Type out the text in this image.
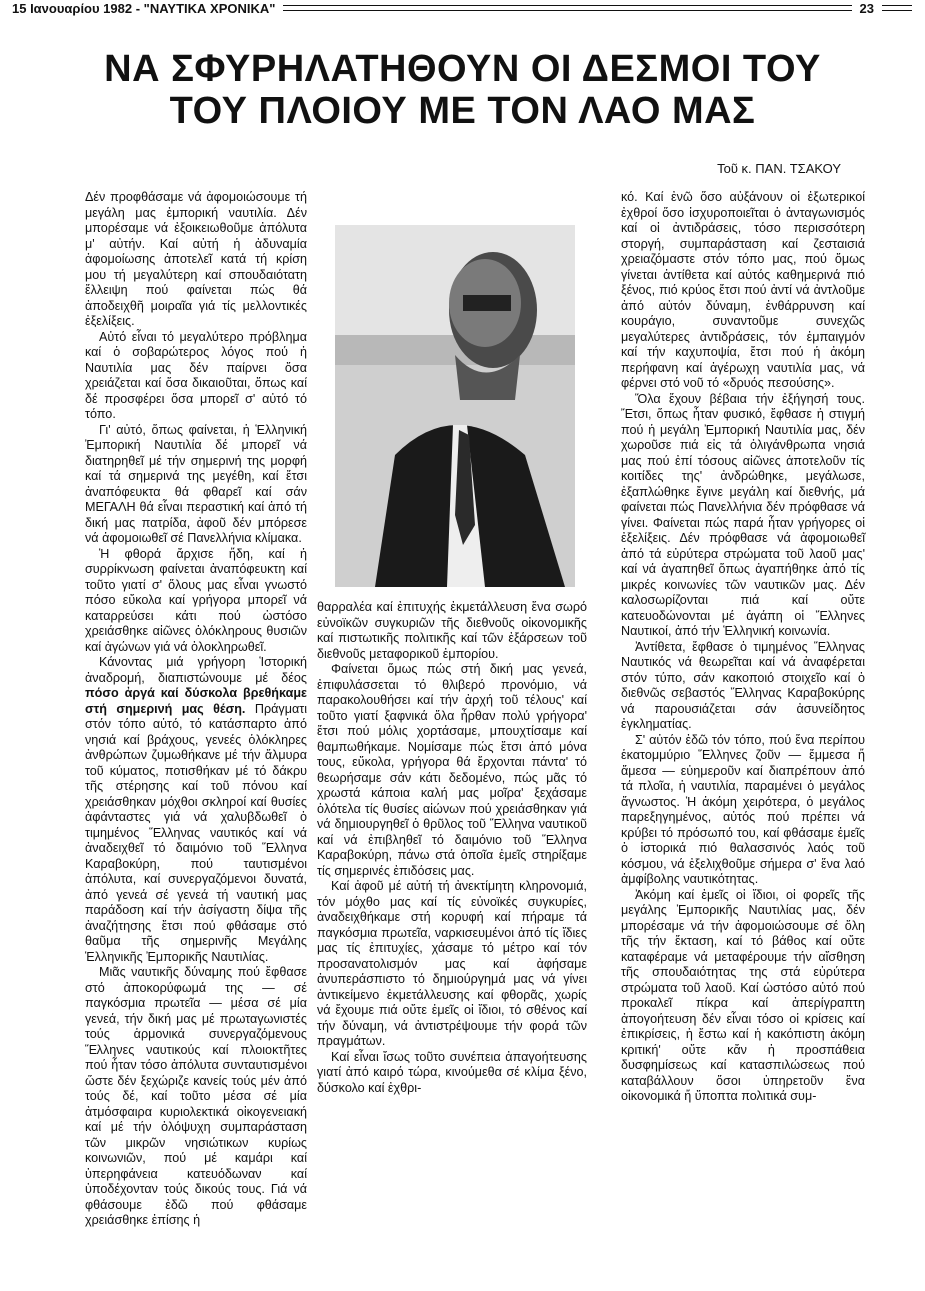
15 Ιανουαρίου 1982 - "ΝΑΥΤΙΚΑ ΧΡΟΝΙΚΑ"	23
ΝΑ ΣΦΥΡΗΛΑΤΗΘΟΥΝ ΟΙ ΔΕΣΜΟΙ ΤΟΥ
ΤΟΥ ΠΛΟΙΟΥ ΜΕ ΤΟΝ ΛΑΟ ΜΑΣ
Τοῦ κ. ΠΑΝ. ΤΣΑΚΟΥ

Δέν προφθάσαμε νά ἀφομοιώσουμε τή μεγάλη μας ἐμπορική ναυτιλία. Δέν μπορέσαμε νά ἐξοικειωθοῦμε ἀπόλυτα μ' αὐτήν. Καί αὐτή ἡ ἀδυναμία ἀφομοίωσης ἀποτελεῖ κατά τή κρίση μου τή μεγαλύτερη καί σπουδαιότατη ἔλλειψη πού φαίνεται πώς θά ἀποδειχθῆ μοιραῖα γιά τίς μελλοντικές ἐξελίξεις.

Αὐτό εἶναι τό μεγαλύτερο πρόβλημα καί ὁ σοβαρώτερος λόγος πού ἡ Ναυτιλία μας δέν παίρνει ὅσα χρειάζεται καί ὅσα δικαιοῦται, ὅπως καί δέ προσφέρει ὅσα μπορεῖ σ' αὐτό τό τόπο.

Γι' αὐτό, ὅπως φαίνεται, ἡ Ἑλληνική Ἐμπορική Ναυτιλία δέ μπορεῖ νά διατηρηθεῖ μέ τήν σημερινή της μορφή καί τά σημερινά της μεγέθη, καί ἔτσι ἀναπόφευκτα θά φθαρεῖ καί σάν ΜΕΓΑΛΗ θά εἶναι περαστική καί ἀπό τή δική μας πατρίδα, ἀφοῦ δέν μπόρεσε νά ἀφομοιωθεῖ σέ Πανελλήνια κλίμακα.

Ἡ φθορά ἄρχισε ἤδη, καί ἡ συρρίκνωση φαίνεται ἀναπόφευκτη καί τοῦτο γιατί σ' ὅλους μας εἶναι γνωστό πόσο εὔκολα καί γρήγορα μπορεῖ νά καταρρεύσει κάτι πού ὡστόσο χρειάσθηκε αἰῶνες ὁλόκληρους θυσιῶν καί ἀγώνων γιά νά ὁλοκληρωθεῖ.

Κάνοντας μιά γρήγορη Ἱστορική ἀναδρομή, διαπιστώνουμε μέ δέος πόσο ἀργά καί δύσκολα βρεθήκαμε στή σημερινή μας θέση. Πράγματι στόν τόπο αὐτό, τό κατάσπαρτο ἀπό νησιά καί βράχους, γενεές ὁλόκληρες ἀνθρώπων ζυμωθήκανε μέ τήν ἅλμυρα τοῦ κύματος, ποτισθήκαν μέ τό δάκρυ τῆς στέρησης καί τοῦ πόνου καί χρειάσθηκαν μόχθοι σκληροί καί θυσίες ἀφάνταστες γιά νά χαλυβδωθεῖ ὁ τιμημένος Ἕλληνας ναυτικός καί νά ἀναδειχθεῖ τό δαιμόνιο τοῦ Ἕλληνα Καραβοκύρη, πού ταυτισμένοι ἀπόλυτα, καί συνεργαζόμενοι δυνατά, ἀπό γενεά σέ γενεά τή ναυτική μας παράδοση καί τήν ἀσίγαστη δίψα τῆς ἀναζήτησης ἔτσι πού φθάσαμε στό θαῦμα τῆς σημερινῆς Μεγάλης Ἑλληνικῆς Ἐμπορικῆς Ναυτιλίας.

Μιᾶς ναυτικῆς δύναμης πού ἔφθασε στό ἀποκορύφωμά της — σέ παγκόσμια πρωτεῖα — μέσα σέ μία γενεά, τήν δική μας μέ πρωταγωνιστές τούς ἁρμονικά συνεργαζόμενους Ἕλληνες ναυτικούς καί πλοιοκτῆτες πού ἦταν τόσο ἀπόλυτα συνταυτισμένοι ὥστε δέν ξεχώριζε κανείς τούς μέν ἀπό τούς δέ, καί τοῦτο μέσα σέ μία ἀτμόσφαιρα κυριολεκτικά οἰκογενειακή καί μέ τήν ὁλόψυχη συμπαράσταση τῶν μικρῶν νησιώτικων κυρίως κοινωνιῶν, πού μέ καμάρι καί ὑπερηφάνεια κατευόδωναν καί ὑποδέχονταν τούς δικούς τους. Γιά νά φθάσουμε ἐδῶ πού φθάσαμε χρειάσθηκε ἐπίσης ἡ

θαρραλέα καί ἐπιτυχής ἐκμετάλλευση ἕνα σωρό εὐνοϊκῶν συγκυριῶν τῆς διεθνοῦς οἰκονομικῆς καί πιστωτικῆς πολιτικῆς καί τῶν ἐξάρσεων τοῦ διεθνοῦς μεταφορικοῦ ἐμπορίου.

Φαίνεται ὅμως πώς στή δική μας γενεά, ἐπιφυλάσσεται τό θλιβερό προνόμιο, νά παρακολουθήσει καί τήν ἀρχή τοῦ τέλους' καί τοῦτο γιατί ξαφνικά ὅλα ἦρθαν πολύ γρήγορα' ἔτσι πού μόλις χορτάσαμε, μπουχτίσαμε καί θαμπωθήκαμε. Νομίσαμε πώς ἔτσι ἀπό μόνα τους, εὔκολα, γρήγορα θά ἔρχονται πάντα' τό θεωρήσαμε σάν κάτι δεδομένο, πώς μᾶς τό χρωστά κάποια καλή μας μοῖρα' ξεχάσαμε ὁλότελα τίς θυσίες αἰώνων πού χρειάσθηκαν γιά νά δημιουργηθεῖ ὁ θρῦλος τοῦ Ἕλληνα ναυτικοῦ καί νά ἐπιβληθεῖ τό δαιμόνιο τοῦ Ἕλληνα Καραβοκύρη, πάνω στά ὁποῖα ἐμεῖς στηρίξαμε τίς σημερινές ἐπιδόσεις μας.

Καί ἀφοῦ μέ αὐτή τή ἀνεκτίμητη κληρονομιά, τόν μόχθο μας καί τίς εὐνοϊκές συγκυρίες, ἀναδειχθήκαμε στή κορυφή καί πήραμε τά παγκόσμια πρωτεῖα, ναρκισευμένοι ἀπό τίς ἴδιες μας τίς ἐπιτυχίες, χάσαμε τό μέτρο καί τόν προσανατολισμόν μας καί ἀφήσαμε ἀνυπεράσπιστο τό δημιούργημά μας νά γίνει ἀντικείμενο ἐκμετάλλευσης καί φθορᾶς, χωρίς νά ἔχουμε πιά οὔτε ἐμεῖς οἱ ἴδιοι, τό σθένος καί τήν δύναμη, νά ἀντιστρέψουμε τήν φορά τῶν πραγμάτων.

Καί εἶναι ἴσως τοῦτο συνέπεια ἀπαγοήτευσης γιατί ἀπό καιρό τώρα, κινούμεθα σέ κλίμα ξένο, δύσκολο καί ἐχθρι-

κό. Καί ἐνῶ ὅσο αὐξάνουν οἱ ἐξωτερικοί ἐχθροί ὅσο ἰσχυροποιεῖται ὁ ἀνταγωνισμός καί οἱ ἀντιδράσεις, τόσο περισσότερη στοργή, συμπαράσταση καί ζεσταισιά χρειαζόμαστε στόν τόπο μας, πού ὅμως γίνεται ἀντίθετα καί αὐτός καθημερινά πιό ξένος, πιό κρύος ἔτσι πού ἀντί νά ἀντλοῦμε ἀπό αὐτόν δύναμη, ἐνθάρρυνση καί κουράγιο, συναντοῦμε συνεχῶς μεγαλύτερες ἀντιδράσεις, τόν ἐμπαιγμόν καί τήν καχυποψία, ἔτσι πού ἡ ἀκόμη περήφανη καί ἀγέρωχη ναυτιλία μας, νά φέρνει στό νοῦ τό «δρυός πεσούσης».

Ὅλα ἔχουν βέβαια τήν ἐξήγησή τους. Ἔτσι, ὅπως ἦταν φυσικό, ἔφθασε ἡ στιγμή πού ἡ μεγάλη Ἐμπορική Ναυτιλία μας, δέν χωροῦσε πιά εἰς τά ὀλιγάνθρωπα νησιά μας πού ἐπί τόσους αἰῶνες ἀποτελοῦν τίς κοιτίδες της' ἀνδρώθηκε, μεγάλωσε, ἐξαπλώθηκε ἔγινε μεγάλη καί διεθνής, μά φαίνεται πώς Πανελλήνια δέν πρόφθασε νά γίνει. Φαίνεται πώς παρά ἦταν γρήγορες οἱ ἐξελίξεις. Δέν πρόφθασε νά ἀφομοιωθεῖ ἀπό τά εὐρύτερα στρώματα τοῦ λαοῦ μας' καί νά ἀγαπηθεῖ ὅπως ἀγαπήθηκε ἀπό τίς μικρές κοινωνίες τῶν ναυτικῶν μας. Δέν καλοσωρίζονται πιά καί οὔτε κατευοδώνονται μέ ἀγάπη οἱ Ἕλληνες Ναυτικοί, ἀπό τήν Ἑλληνική κοινωνία.

Ἀντίθετα, ἔφθασε ὁ τιμημένος Ἕλληνας Ναυτικός νά θεωρεῖται καί νά ἀναφέρεται στόν τύπο, σάν κακοποιό στοιχεῖο καί ὁ διεθνῶς σεβαστός Ἕλληνας Καραβοκύρης νά παρουσιάζεται σάν ἀσυνείδητος ἐγκληματίας.

Σ' αὐτόν ἐδῶ τόν τόπο, πού ἕνα περίπου ἑκατομμύριο Ἕλληνες ζοῦν — ἔμμεσα ἤ ἄμεσα — εὐημεροῦν καί διαπρέπουν ἀπό τά πλοῖα, ἡ ναυτιλία, παραμένει ὁ μεγάλος ἄγνωστος. Ἡ ἀκόμη χειρότερα, ὁ μεγάλος παρεξηγημένος, αὐτός πού πρέπει νά κρύβει τό πρόσωπό του, καί φθάσαμε ἐμεῖς ὁ ἱστορικά πιό θαλασσινός λαός τοῦ κόσμου, νά ἐξελιχθοῦμε σήμερα σ' ἕνα λαό ἀμφίβολης ναυτικότητας.

Ἀκόμη καί ἐμεῖς οἱ ἴδιοι, οἱ φορεῖς τῆς μεγάλης Ἐμπορικῆς Ναυτιλίας μας, δέν μπορέσαμε νά τήν ἀφομοιώσουμε σέ ὅλη τῆς τήν ἔκταση, καί τό βάθος καί οὔτε καταφέραμε νά μεταφέρουμε τήν αἴσθηση τῆς σπουδαιότητας της στά εὐρύτερα στρώματα τοῦ λαοῦ. Καί ὡστόσο αὐτό πού προκαλεῖ πίκρα καί ἀπερίγραπτη ἀπογοήτευση δέν εἶναι τόσο οἱ κρίσεις καί ἐπικρίσεις, ἡ ἔστω καί ἡ κακόπιστη ἀκόμη κριτική' οὔτε κἄν ἡ προσπάθεια δυσφημίσεως καί κατασπιλώσεως πού καταβάλλουν ὅσοι ὑπηρετοῦν ἕνα οἰκονομικά ἤ ὕποπτα πολιτικά συμ-
